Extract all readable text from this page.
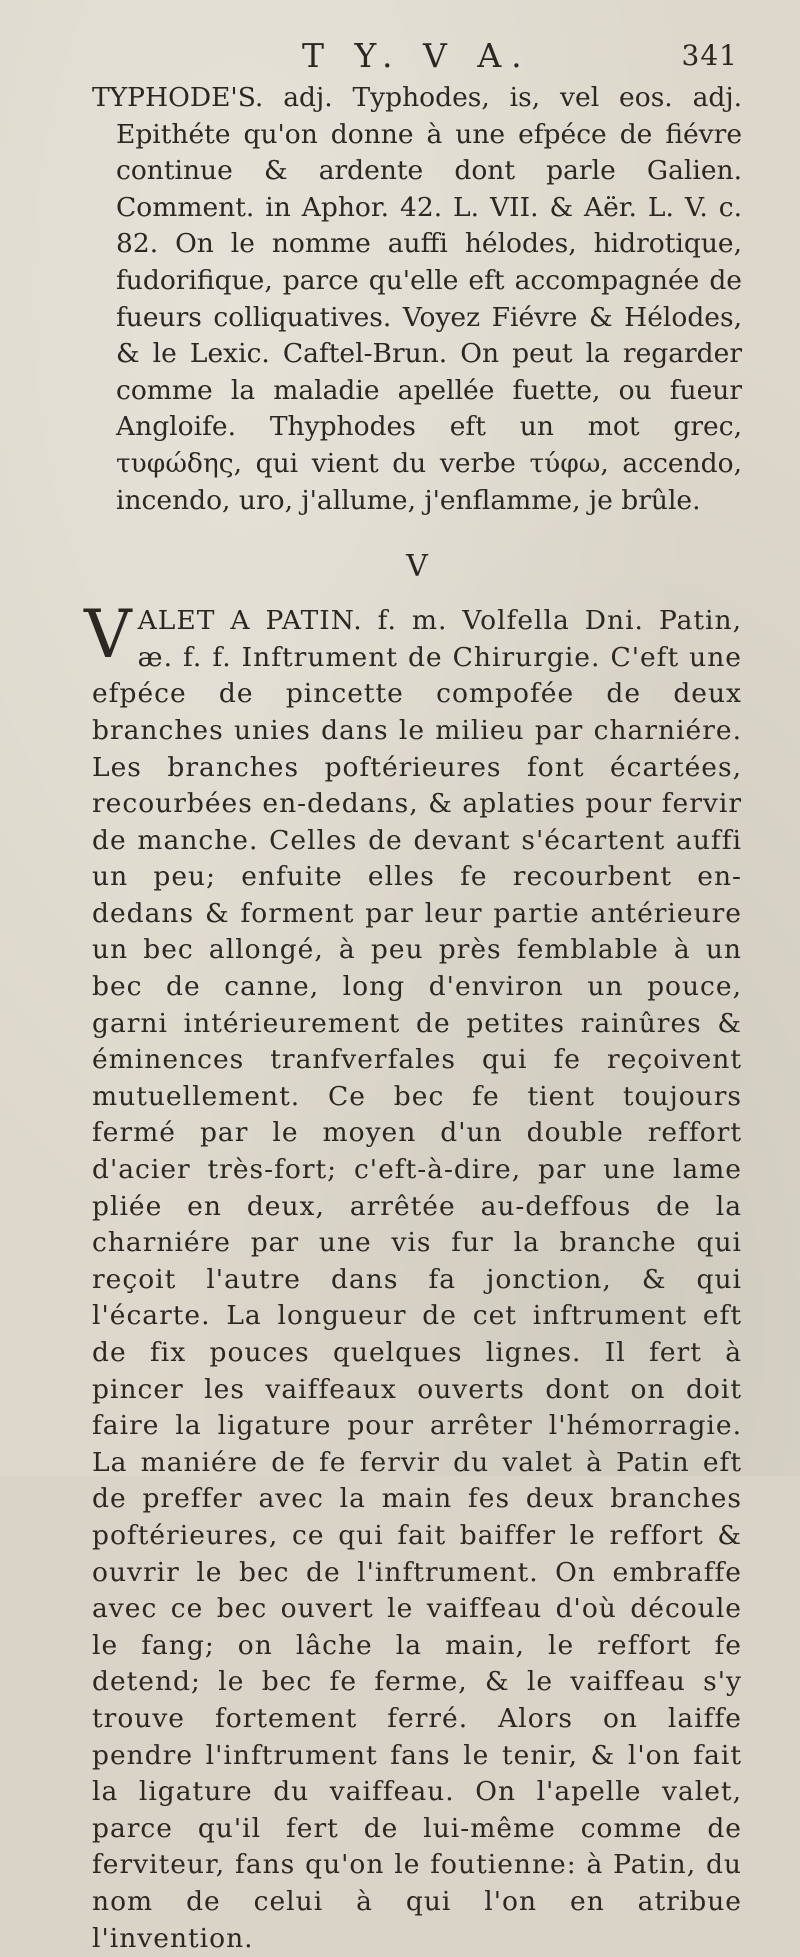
T Y. V A.	341

TYPHODE'S. adj. Typhodes, is, vel eos. adj. Epithéte qu'on donne à une efpéce de fiévre continue & ardente dont parle Galien. Comment. in Aphor. 42. L. VII. & Aër. L. V. c. 82. On le nomme auffi hélodes, hidrotique, fudorifique, parce qu'elle eft accompagnée de fueurs colliquatives. Voyez Fiévre & Hélodes, & le Lexic. Caftel-Brun. On peut la regarder comme la maladie apellée fuette, ou fueur Angloife. Thyphodes eft un mot grec, τυφώδης, qui vient du verbe τύφω, accendo, incendo, uro, j'allume, j'enflamme, je brûle.

V

VALET A PATIN. f. m. Volfella Dni. Patin, æ. f. f. Inftrument de Chirurgie. C'eft une efpéce de pincette compofée de deux branches unies dans le milieu par charniére. Les branches poftérieures font écartées, recourbées en-dedans, & aplaties pour fervir de manche. Celles de devant s'écartent auffi un peu; enfuite elles fe recourbent en-dedans & forment par leur partie antérieure un bec allongé, à peu près femblable à un bec de canne, long d'environ un pouce, garni intérieurement de petites rainûres & éminences tranfverfales qui fe reçoivent mutuellement. Ce bec fe tient toujours fermé par le moyen d'un double reffort d'acier très-fort; c'eft-à-dire, par une lame pliée en deux, arrêtée au-deffous de la charniére par une vis fur la branche qui reçoit l'autre dans fa jonction, & qui l'écarte. La longueur de cet inftrument eft de fix pouces quelques lignes. Il fert à pincer les vaiffeaux ouverts dont on doit faire la ligature pour arrêter l'hémorragie. La maniére de fe fervir du valet à Patin eft de preffer avec la main fes deux branches poftérieures, ce qui fait baiffer le reffort & ouvrir le bec de l'inftrument. On embraffe avec ce bec ouvert le vaiffeau d'où découle le fang; on lâche la main, le reffort fe detend; le bec fe ferme, & le vaiffeau s'y trouve fortement ferré. Alors on laiffe pendre l'inftrument fans le tenir, & l'on fait la ligature du vaiffeau. On l'apelle valet, parce qu'il fert de lui-même comme de ferviteur, fans qu'on le foutienne: à Patin, du nom de celui à qui l'on en atribue l'invention.
